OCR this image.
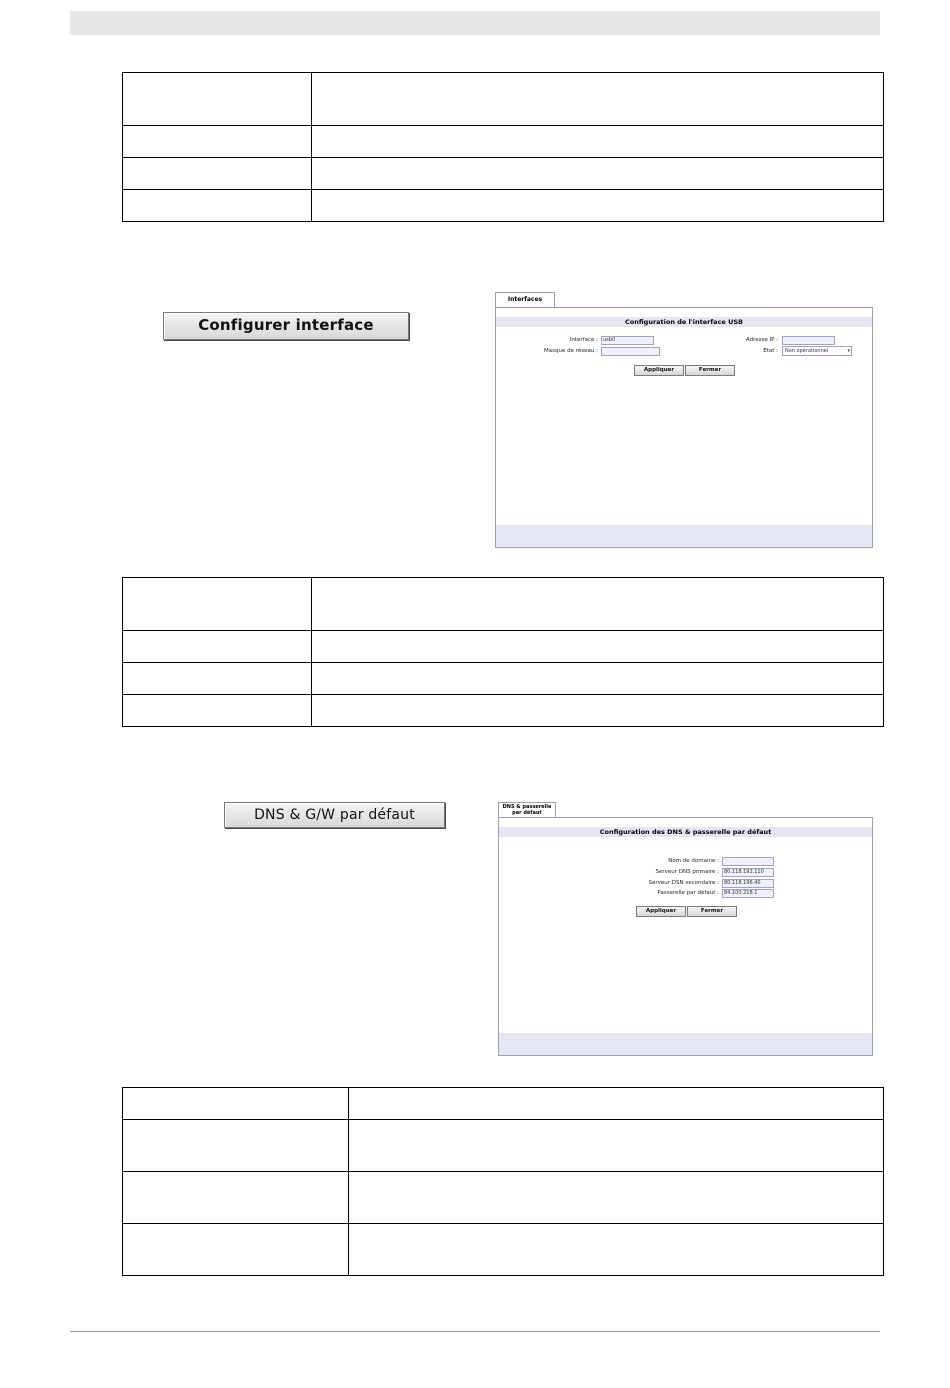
Configurer interface
Interfaces
Configuration de l'interface USB
Interface :	usb0
Masque de réseau :
Adresse IP :
Etat :	Non opérationnel	▾
Appliquer	Fermer

DNS & G/W par défaut	DNS & passerelle
par défaut
Configuration des DNS & passerelle par défaut
Nom de domaine :
Serveur DNS primaire :	80.118.192.110
Serveur DSN secondaire :	80.118.196.40
Passerelle par défaut :	84.100.218.1
Appliquer	Fermer
